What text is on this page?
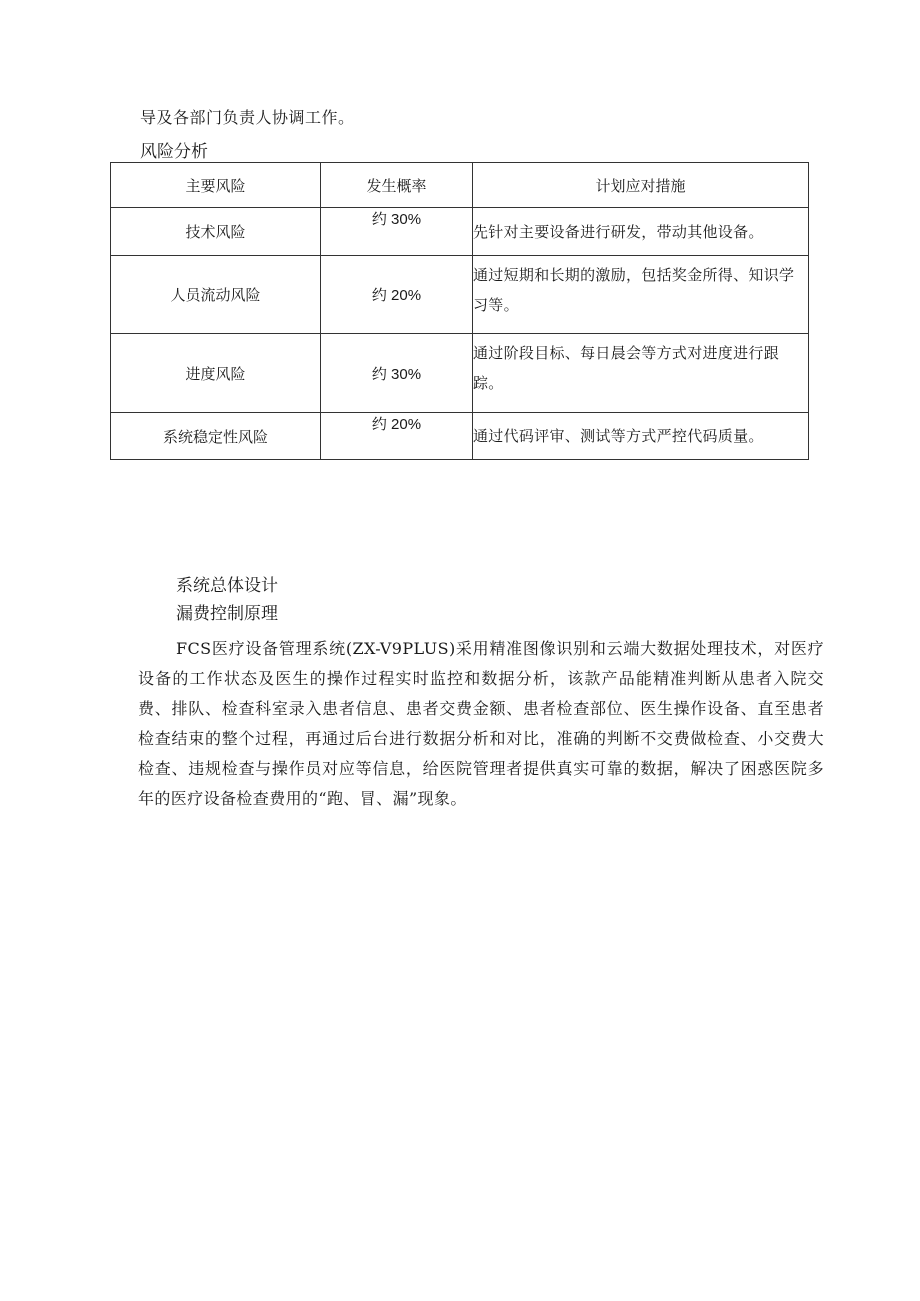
导及各部门负责人协调工作。
风险分析
主要风险	发生概率	计划应对措施
技术风险	约 30%	先针对主要设备进行研发，带动其他设备。
人员流动风险	约 20%	通过短期和长期的激励，包括奖金所得、知识学习等。
进度风险	约 30%	通过阶段目标、每日晨会等方式对进度进行跟踪。
系统稳定性风险	约 20%	通过代码评审、测试等方式严控代码质量。
系统总体设计
漏费控制原理
FCS医疗设备管理系统(ZX-V9PLUS)采用精准图像识别和云端大数据处理技术，对医疗设备的工作状态及医生的操作过程实时监控和数据分析，该款产品能精准判断从患者入院交费、排队、检查科室录入患者信息、患者交费金额、患者检查部位、医生操作设备、直至患者检查结束的整个过程，再通过后台进行数据分析和对比，准确的判断不交费做检查、小交费大检查、违规检查与操作员对应等信息，给医院管理者提供真实可靠的数据，解决了困惑医院多年的医疗设备检查费用的“跑、冒、漏”现象。
